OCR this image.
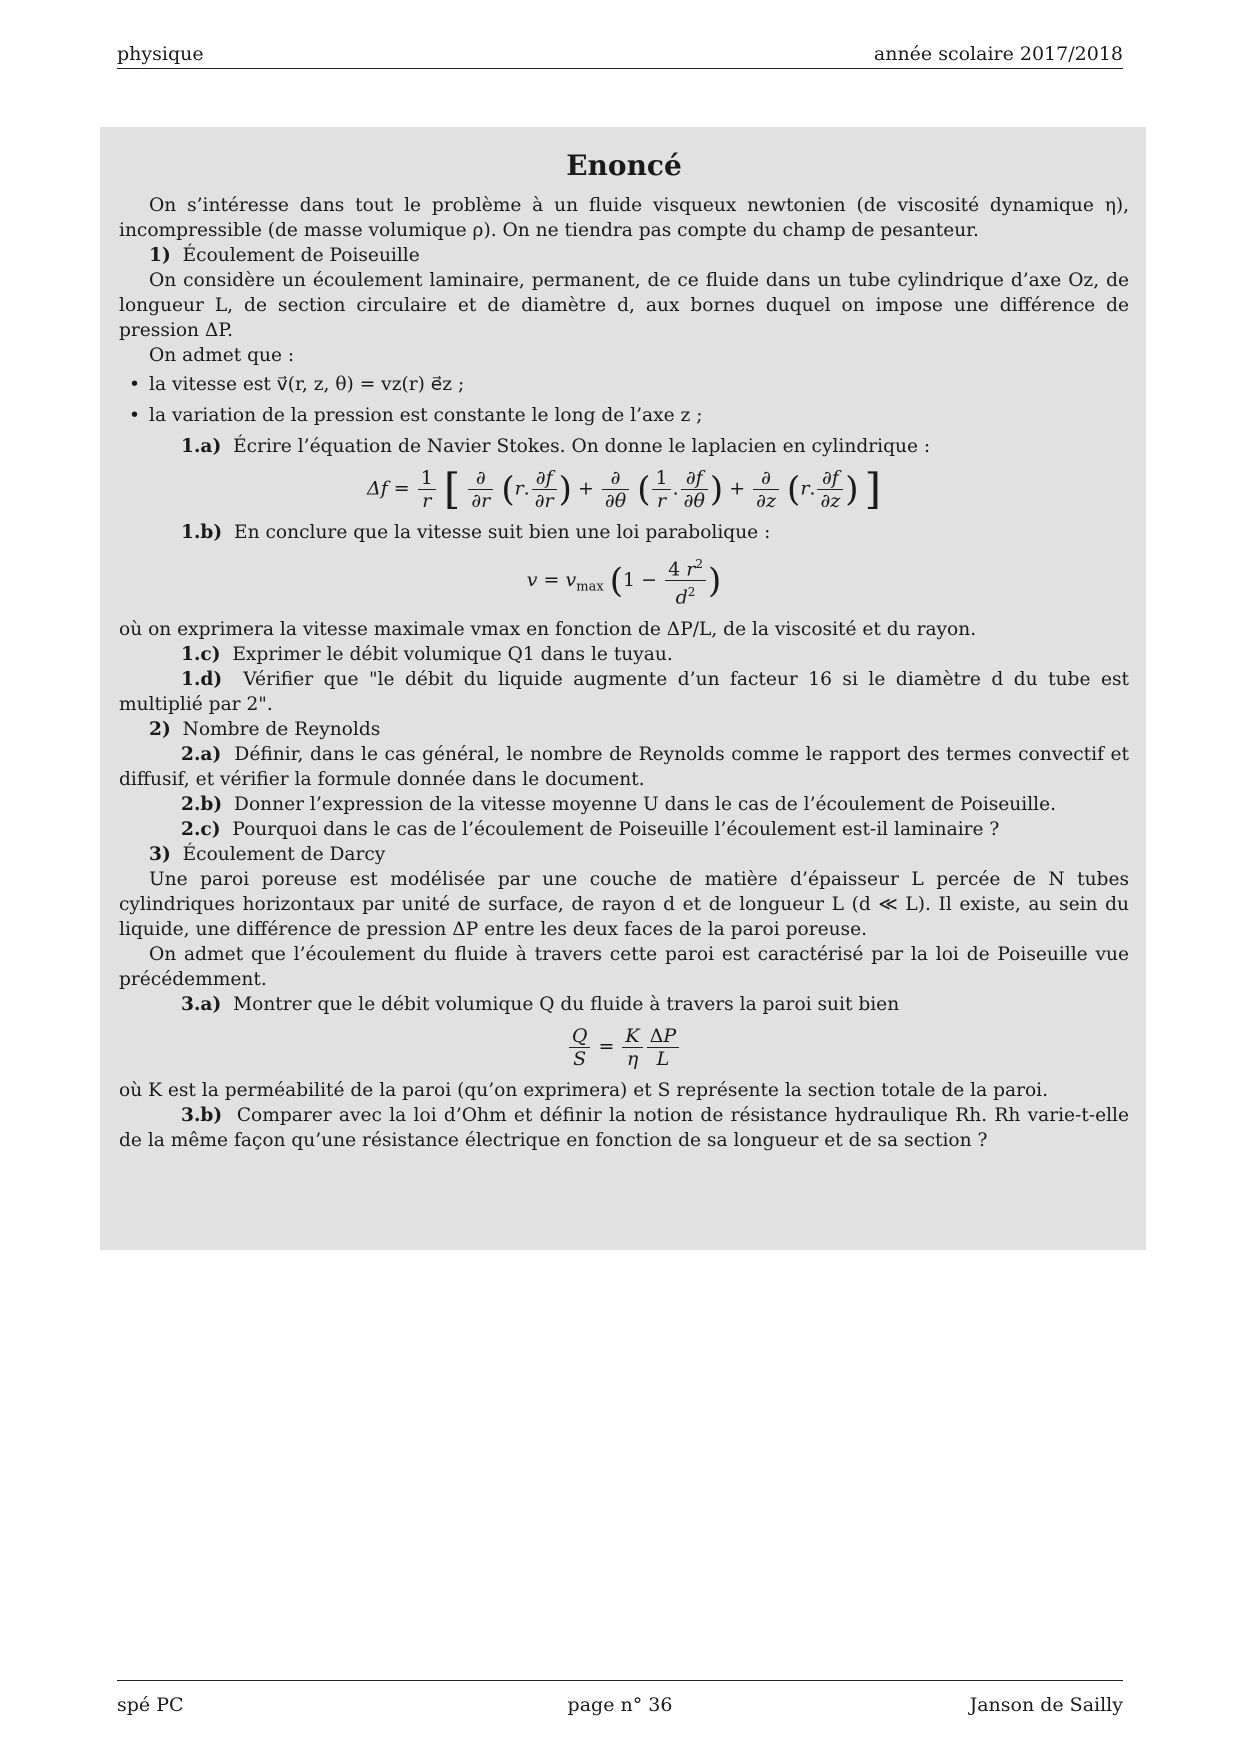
physique	année scolaire 2017/2018
Enoncé

On s’intéresse dans tout le problème à un fluide visqueux newtonien (de viscosité dynamique η), incompressible (de masse volumique ρ). On ne tiendra pas compte du champ de pesanteur.

1) Écoulement de Poiseuille

On considère un écoulement laminaire, permanent, de ce fluide dans un tube cylindrique d’axe Oz, de longueur L, de section circulaire et de diamètre d, aux bornes duquel on impose une différence de pression ΔP.

On admet que :

• la vitesse est v⃗(r, z, θ) = vz(r) e⃗z ;
• la variation de la pression est constante le long de l’axe z ;

1.a) Écrire l’équation de Navier Stokes. On donne le laplacien en cylindrique :

$\Delta f = \frac{1}{r}$ [ $\frac{\partial}{\partial r} (r$. $\frac{\partial f}{\partial r}$ ) + $\frac{\partial}{\partial\theta}$ ( $\frac{1}{r}$ . $\frac{\partial f}{\partial\theta}$ ) + $\frac{\partial}{\partial z} (r$. $\frac{\partial f}{\partial z}$ ) ]

1.b) En conclure que la vitesse suit bien une loi parabolique :

$v = v_{max}$ ($1 - \frac{4 r^2}{d^2}$ )

où on exprimera la vitesse maximale vmax en fonction de ΔP/L, de la viscosité et du rayon.

1.c) Exprimer le débit volumique Q1 dans le tuyau.

1.d) Vérifier que "le débit du liquide augmente d’un facteur 16 si le diamètre d du tube est multiplié par 2".

2) Nombre de Reynolds

2.a) Définir, dans le cas général, le nombre de Reynolds comme le rapport des termes convectif et diffusif, et vérifier la formule donnée dans le document.

2.b) Donner l’expression de la vitesse moyenne U dans le cas de l’écoulement de Poiseuille.

2.c) Pourquoi dans le cas de l’écoulement de Poiseuille l’écoulement est-il laminaire ?

3) Écoulement de Darcy

Une paroi poreuse est modélisée par une couche de matière d’épaisseur L percée de N tubes cylindriques horizontaux par unité de surface, de rayon d et de longueur L (d ≪ L). Il existe, au sein du liquide, une différence de pression ΔP entre les deux faces de la paroi poreuse.

On admet que l’écoulement du fluide à travers cette paroi est caractérisé par la loi de Poiseuille vue précédemment.

3.a) Montrer que le débit volumique Q du fluide à travers la paroi suit bien

$\frac{Q}{S} = \frac{K}{\eta} \frac{\Delta P}{L}$

où K est la perméabilité de la paroi (qu’on exprimera) et S représente la section totale de la paroi.

3.b) Comparer avec la loi d’Ohm et définir la notion de résistance hydraulique Rh. Rh varie-t-elle de la même façon qu’une résistance électrique en fonction de sa longueur et de sa section ?

spé PC	page n° 36	Janson de Sailly
